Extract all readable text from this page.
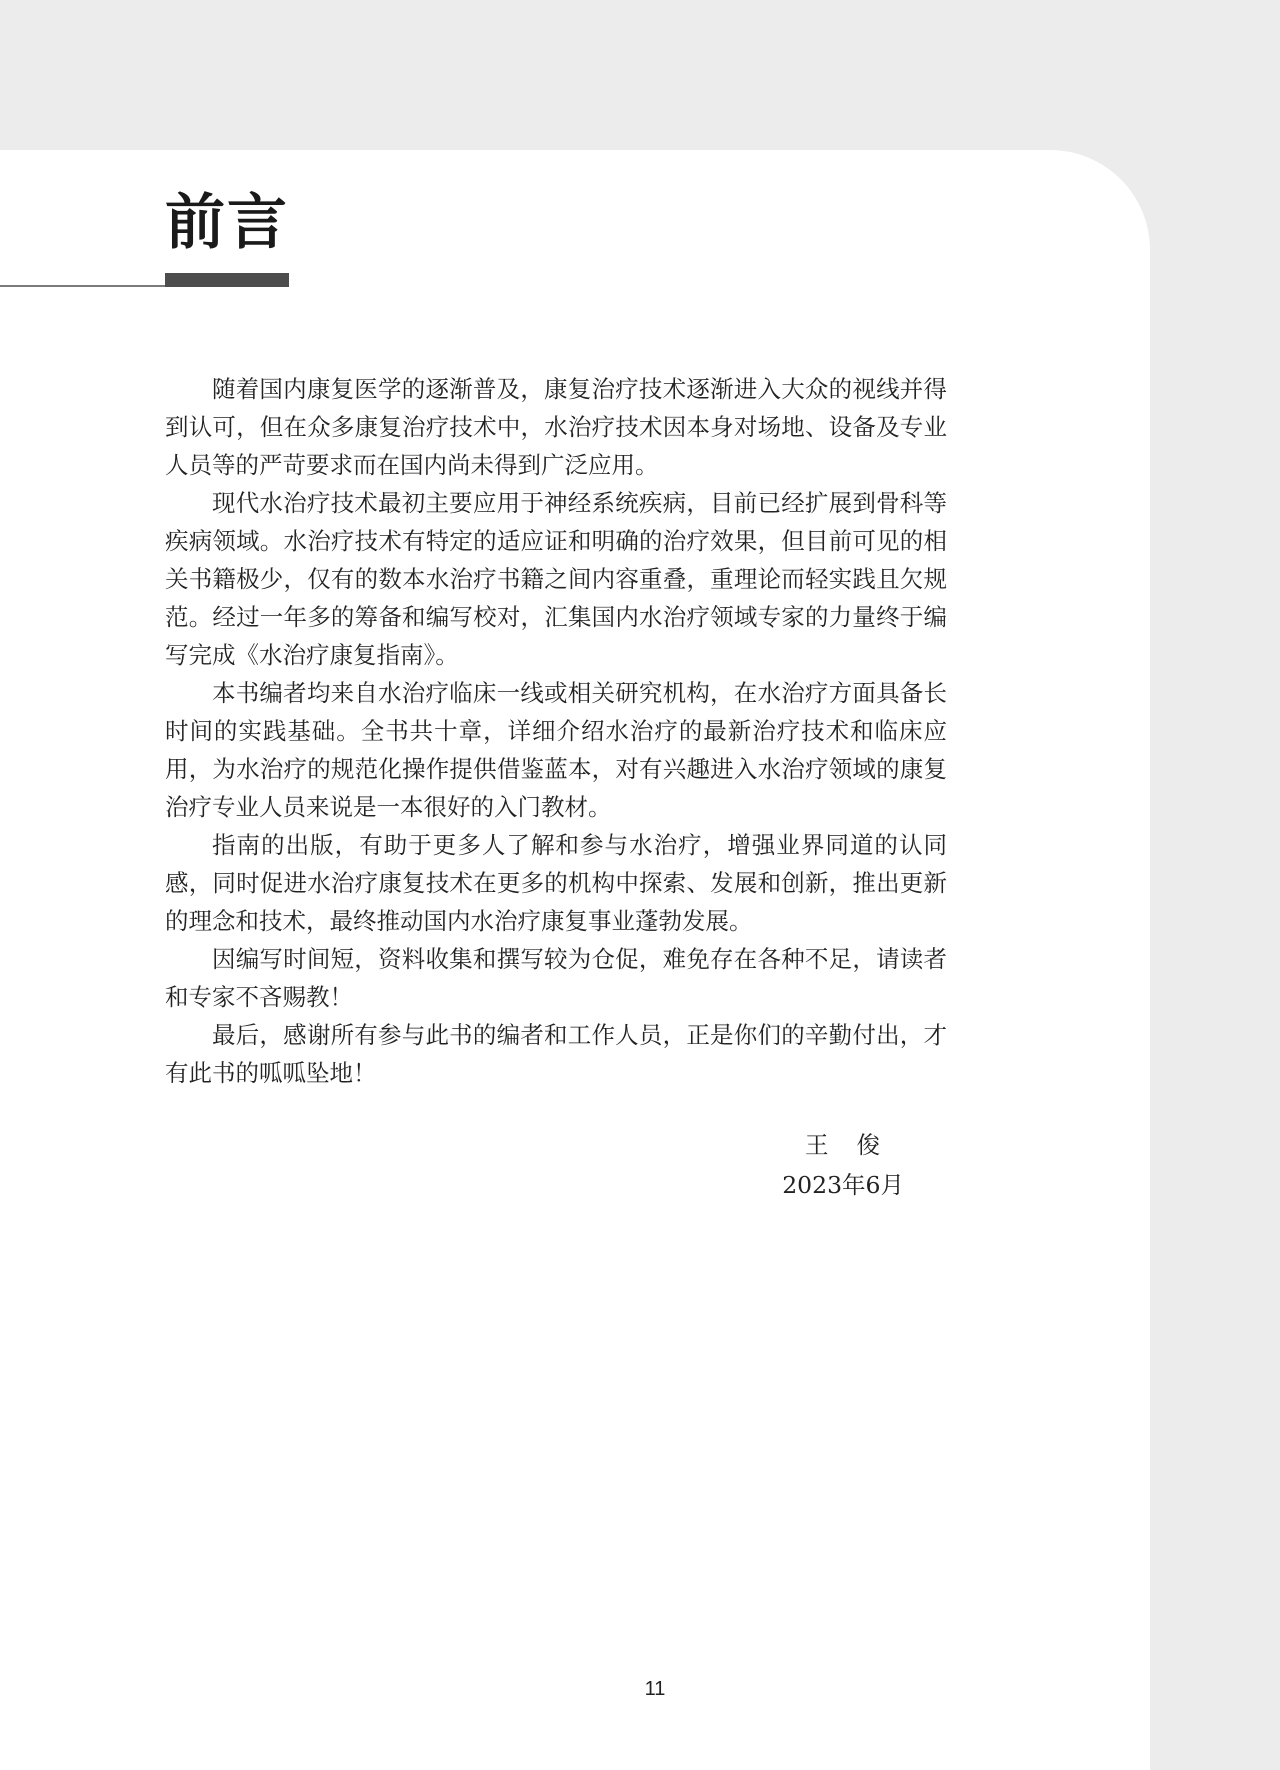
前言

随着国内康复医学的逐渐普及，康复治疗技术逐渐进入大众的视线并得到认可，但在众多康复治疗技术中，水治疗技术因本身对场地、设备及专业人员等的严苛要求而在国内尚未得到广泛应用。

现代水治疗技术最初主要应用于神经系统疾病，目前已经扩展到骨科等疾病领域。水治疗技术有特定的适应证和明确的治疗效果，但目前可见的相关书籍极少，仅有的数本水治疗书籍之间内容重叠，重理论而轻实践且欠规范。经过一年多的筹备和编写校对，汇集国内水治疗领域专家的力量终于编写完成《水治疗康复指南》。

本书编者均来自水治疗临床一线或相关研究机构，在水治疗方面具备长时间的实践基础。全书共十章，详细介绍水治疗的最新治疗技术和临床应用，为水治疗的规范化操作提供借鉴蓝本，对有兴趣进入水治疗领域的康复治疗专业人员来说是一本很好的入门教材。

指南的出版，有助于更多人了解和参与水治疗，增强业界同道的认同感，同时促进水治疗康复技术在更多的机构中探索、发展和创新，推出更新的理念和技术，最终推动国内水治疗康复事业蓬勃发展。

因编写时间短，资料收集和撰写较为仓促，难免存在各种不足，请读者和专家不吝赐教！

最后，感谢所有参与此书的编者和工作人员，正是你们的辛勤付出，才有此书的呱呱坠地！

王俊
2023年6月
11
